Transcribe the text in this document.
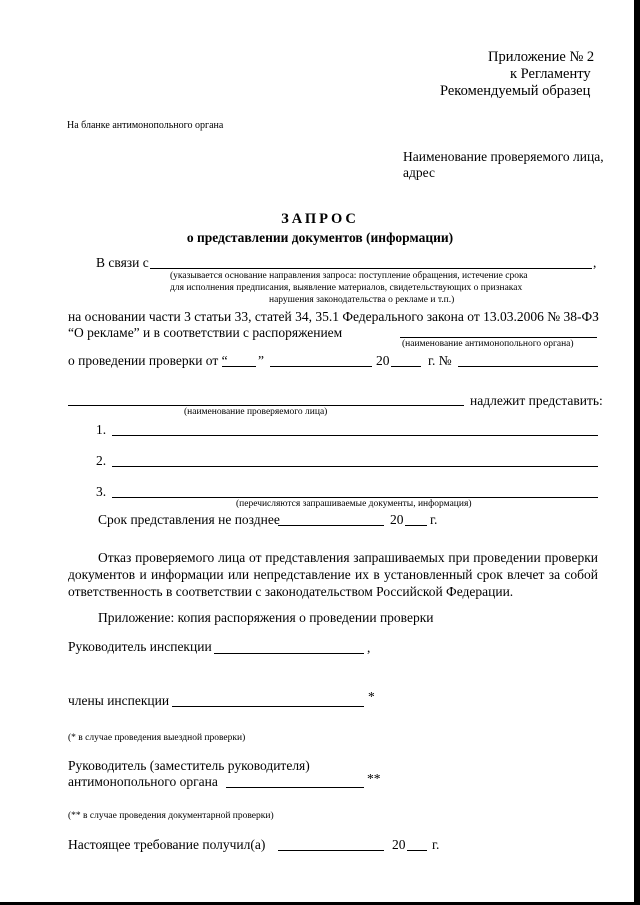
Приложение № 2
к Регламенту
Рекомендуемый образец
На бланке антимонопольного органа
Наименование проверяемого лица,
адрес
ЗАПРОС
о представлении документов (информации)
В связи с	,
(указывается основание направления запроса: поступление обращения, истечение срока
для исполнения предписания, выявление материалов, свидетельствующих о признаках
нарушения законодательства о рекламе и т.п.)
на основании части 3 статьи 33, статей 34, 35.1 Федерального закона от 13.03.2006 № 38-ФЗ
“О рекламе” и в соответствии с распоряжением
(наименование антимонопольного органа)
о проведении проверки от “ ”	20	г. №
надлежит представить:
(наименование проверяемого лица)
1.
2.
3.
(перечисляются запрашиваемые документы, информация)
Срок представления не позднее	20 г.
Отказ проверяемого лица от представления запрашиваемых при проведении проверки документов и информации или непредставление их в установленный срок влечет за собой ответственность в соответствии с законодательством Российской Федерации.
Приложение: копия распоряжения о проведении проверки
Руководитель инспекции	,
члены инспекции	*
(* в случае проведения выездной проверки)
Руководитель (заместитель руководителя)
антимонопольного органа	**
(** в случае проведения документарной проверки)
Настоящее требование получил(а)	20 г.
